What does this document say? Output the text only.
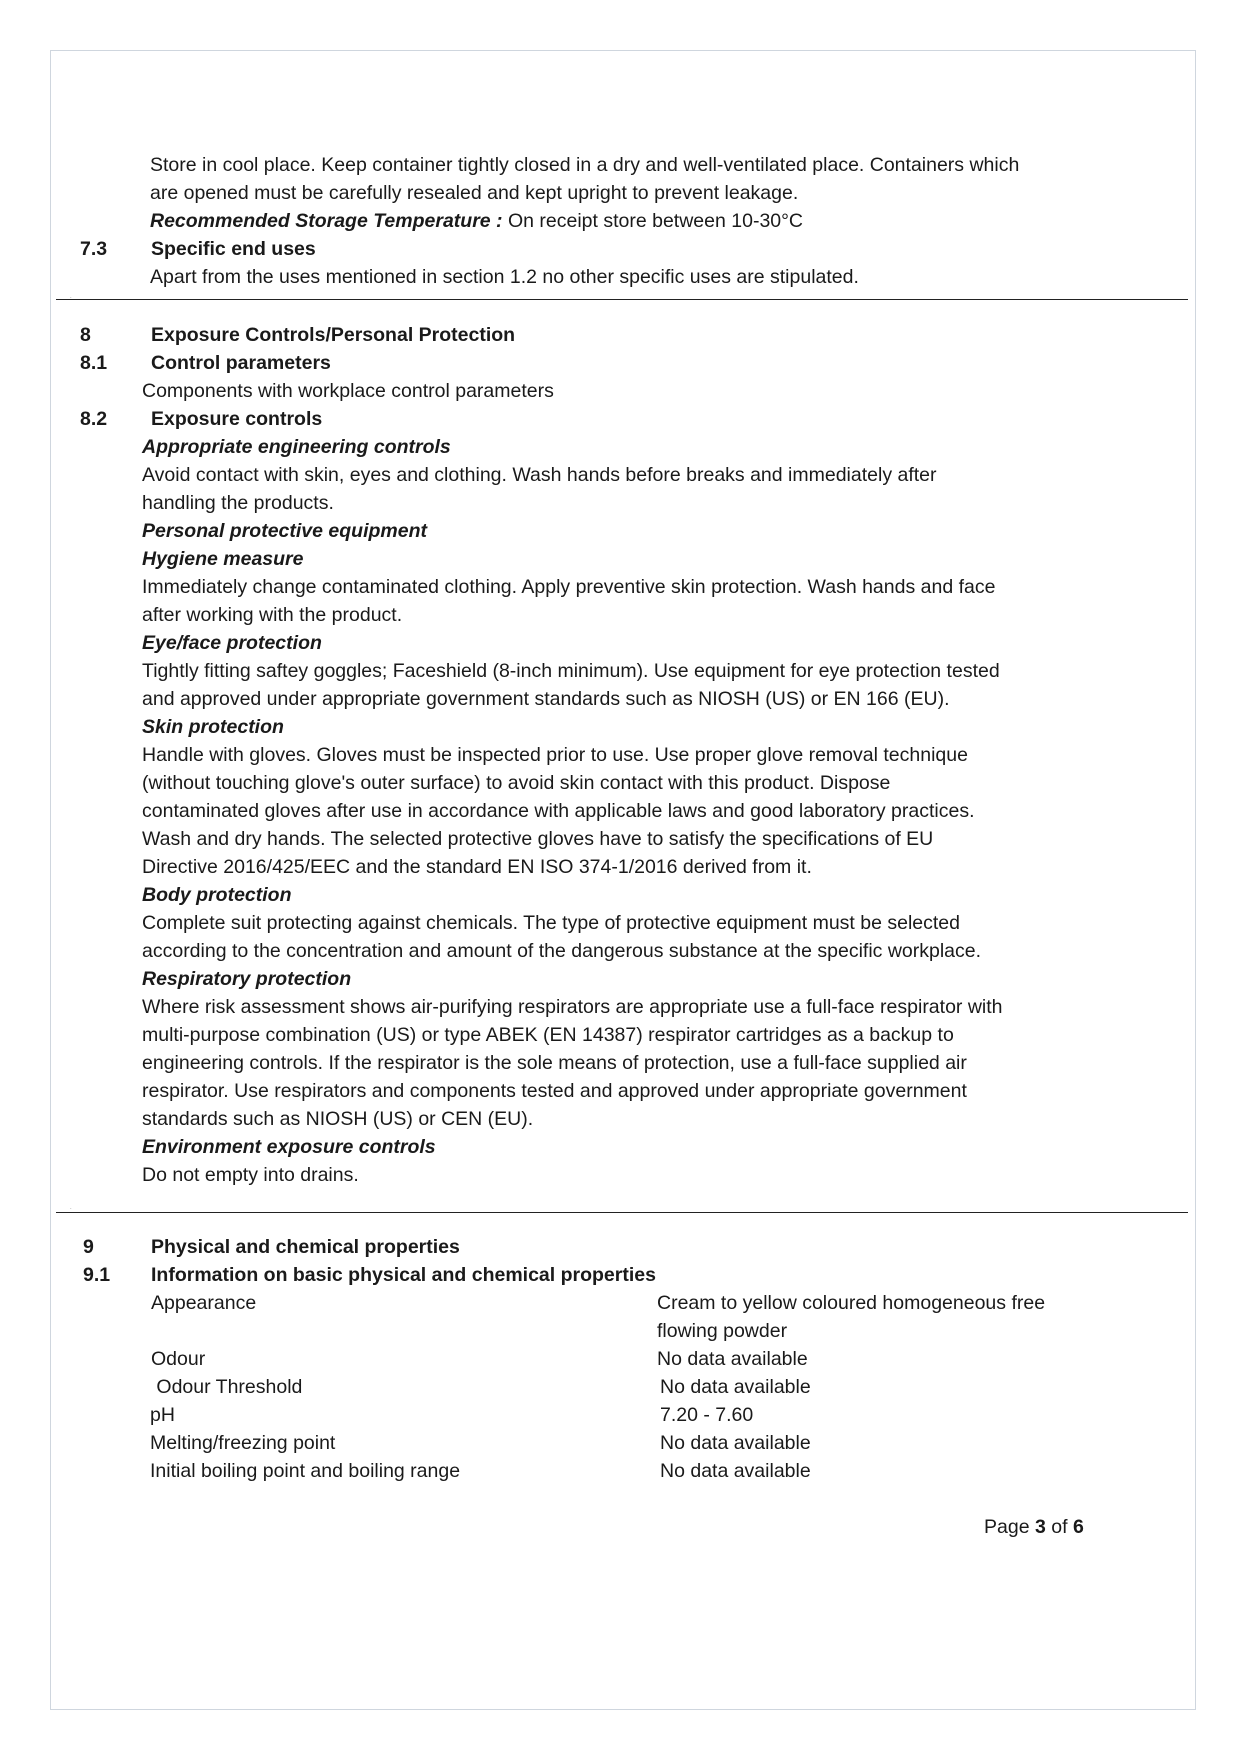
Store in cool place. Keep container tightly closed in a dry and well-ventilated place. Containers which
are opened must be carefully resealed and kept upright to prevent leakage.
Recommended Storage Temperature : On receipt store between 10-30°C
7.3 Specific end uses
Apart from the uses mentioned in section 1.2 no other specific uses are stipulated.
.
8	Exposure Controls/Personal Protection
8.1 Control parameters
Components with workplace control parameters
8.2 Exposure controls
Appropriate engineering controls
Avoid contact with skin, eyes and clothing. Wash hands before breaks and immediately after
handling the products.
Personal protective equipment
Hygiene measure
Immediately change contaminated clothing. Apply preventive skin protection. Wash hands and face
after working with the product.
Eye/face protection
Tightly fitting saftey goggles; Faceshield (8-inch minimum). Use equipment for eye protection tested
and approved under appropriate government standards such as NIOSH (US) or EN 166 (EU).
Skin protection
Handle with gloves. Gloves must be inspected prior to use. Use proper glove removal technique
(without touching glove's outer surface) to avoid skin contact with this product. Dispose
contaminated gloves after use in accordance with applicable laws and good laboratory practices.
Wash and dry hands. The selected protective gloves have to satisfy the specifications of EU
Directive 2016/425/EEC and the standard EN ISO 374-1/2016 derived from it.
Body protection
Complete suit protecting against chemicals. The type of protective equipment must be selected
according to the concentration and amount of the dangerous substance at the specific workplace.
Respiratory protection
Where risk assessment shows air-purifying respirators are appropriate use a full-face respirator with
multi-purpose combination (US) or type ABEK (EN 14387) respirator cartridges as a backup to
engineering controls. If the respirator is the sole means of protection, use a full-face supplied air
respirator. Use respirators and components tested and approved under appropriate government
standards such as NIOSH (US) or CEN (EU).
Environment exposure controls
Do not empty into drains.
.
9	Physical and chemical properties
9.1 Information on basic physical and chemical properties
Appearance	Cream to yellow coloured homogeneous free
flowing powder
Odour	No data available
Odour Threshold	No data available
pH	7.20 - 7.60
Melting/freezing point	No data available
Initial boiling point and boiling range	No data available
Page 3 of 6
